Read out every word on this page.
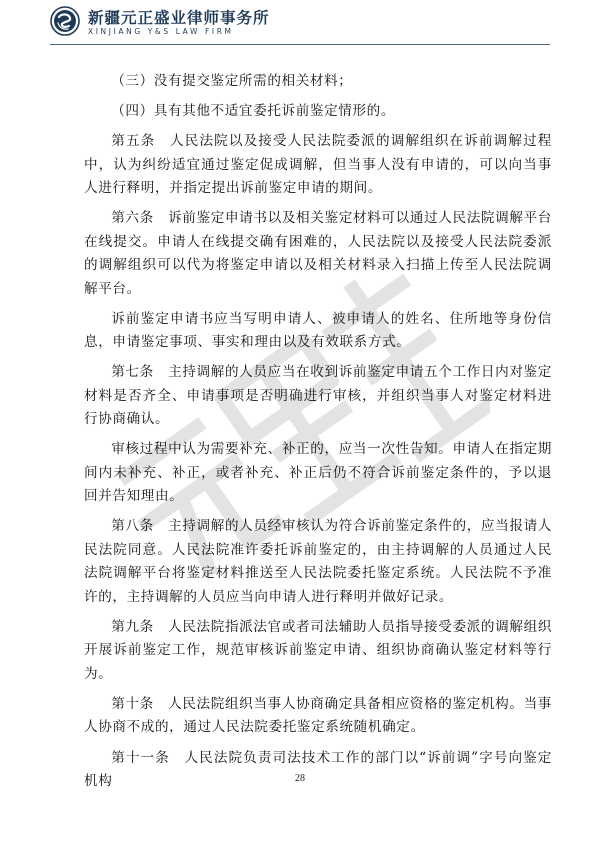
新疆元正盛业律师事务所
XINJIANG Y&S LAW FIRM

（三）没有提交鉴定所需的相关材料；

（四）具有其他不适宜委托诉前鉴定情形的。

第五条　人民法院以及接受人民法院委派的调解组织在诉前调解过程中，认为纠纷适宜通过鉴定促成调解，但当事人没有申请的，可以向当事人进行释明，并指定提出诉前鉴定申请的期间。

第六条　诉前鉴定申请书以及相关鉴定材料可以通过人民法院调解平台在线提交。申请人在线提交确有困难的，人民法院以及接受人民法院委派的调解组织可以代为将鉴定申请以及相关材料录入扫描上传至人民法院调解平台。

诉前鉴定申请书应当写明申请人、被申请人的姓名、住所地等身份信息，申请鉴定事项、事实和理由以及有效联系方式。

第七条　主持调解的人员应当在收到诉前鉴定申请五个工作日内对鉴定材料是否齐全、申请事项是否明确进行审核，并组织当事人对鉴定材料进行协商确认。

审核过程中认为需要补充、补正的，应当一次性告知。申请人在指定期间内未补充、补正，或者补充、补正后仍不符合诉前鉴定条件的，予以退回并告知理由。

第八条　主持调解的人员经审核认为符合诉前鉴定条件的，应当报请人民法院同意。人民法院准许委托诉前鉴定的，由主持调解的人员通过人民法院调解平台将鉴定材料推送至人民法院委托鉴定系统。人民法院不予准许的，主持调解的人员应当向申请人进行释明并做好记录。

第九条　人民法院指派法官或者司法辅助人员指导接受委派的调解组织开展诉前鉴定工作，规范审核诉前鉴定申请、组织协商确认鉴定材料等行为。

第十条　人民法院组织当事人协商确定具备相应资格的鉴定机构。当事人协商不成的，通过人民法院委托鉴定系统随机确定。

第十一条　人民法院负责司法技术工作的部门以“诉前调”字号向鉴定机构	28
